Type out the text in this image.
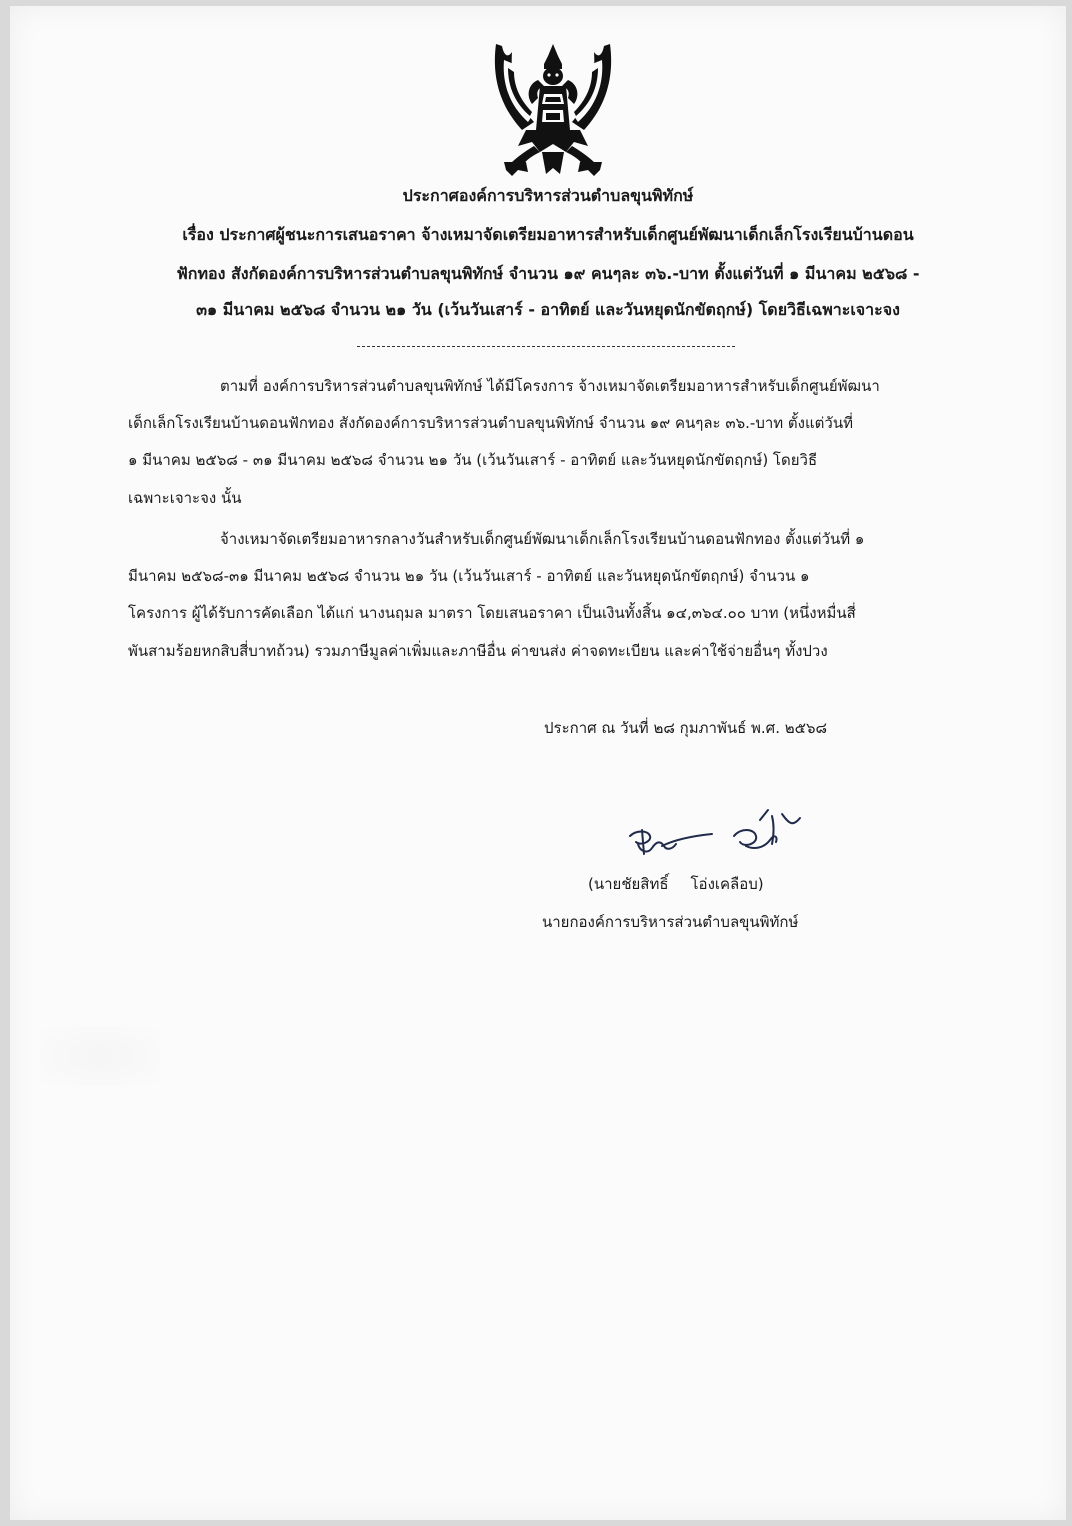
ประกาศองค์การบริหารส่วนตำบลขุนพิทักษ์
เรื่อง ประกาศผู้ชนะการเสนอราคา จ้างเหมาจัดเตรียมอาหารสำหรับเด็กศูนย์พัฒนาเด็กเล็กโรงเรียนบ้านดอน
ฟักทอง สังกัดองค์การบริหารส่วนตำบลขุนพิทักษ์ จำนวน ๑๙ คนๆละ ๓๖.-บาท ตั้งแต่วันที่ ๑ มีนาคม ๒๕๖๘ -
๓๑ มีนาคม ๒๕๖๘ จำนวน ๒๑ วัน (เว้นวันเสาร์ - อาทิตย์ และวันหยุดนักขัตฤกษ์) โดยวิธีเฉพาะเจาะจง
ตามที่ องค์การบริหารส่วนตำบลขุนพิทักษ์ ได้มีโครงการ จ้างเหมาจัดเตรียมอาหารสำหรับเด็กศูนย์พัฒนา
เด็กเล็กโรงเรียนบ้านดอนฟักทอง สังกัดองค์การบริหารส่วนตำบลขุนพิทักษ์ จำนวน ๑๙ คนๆละ ๓๖.-บาท ตั้งแต่วันที่
๑ มีนาคม ๒๕๖๘ - ๓๑ มีนาคม ๒๕๖๘ จำนวน ๒๑ วัน (เว้นวันเสาร์ - อาทิตย์ และวันหยุดนักขัตฤกษ์) โดยวิธี
เฉพาะเจาะจง นั้น
จ้างเหมาจัดเตรียมอาหารกลางวันสำหรับเด็กศูนย์พัฒนาเด็กเล็กโรงเรียนบ้านดอนฟักทอง ตั้งแต่วันที่ ๑
มีนาคม ๒๕๖๘-๓๑ มีนาคม ๒๕๖๘ จำนวน ๒๑ วัน (เว้นวันเสาร์ - อาทิตย์ และวันหยุดนักขัตฤกษ์) จำนวน ๑
โครงการ ผู้ได้รับการคัดเลือก ได้แก่ นางนฤมล มาตรา โดยเสนอราคา เป็นเงินทั้งสิ้น ๑๔,๓๖๔.๐๐ บาท (หนึ่งหมื่นสี่
พันสามร้อยหกสิบสี่บาทถ้วน) รวมภาษีมูลค่าเพิ่มและภาษีอื่น ค่าขนส่ง ค่าจดทะเบียน และค่าใช้จ่ายอื่นๆ ทั้งปวง
ประกาศ ณ วันที่ ๒๘ กุมภาพันธ์ พ.ศ. ๒๕๖๘
(นายชัยสิทธิ์ โอ่งเคลือบ)
นายกองค์การบริหารส่วนตำบลขุนพิทักษ์
